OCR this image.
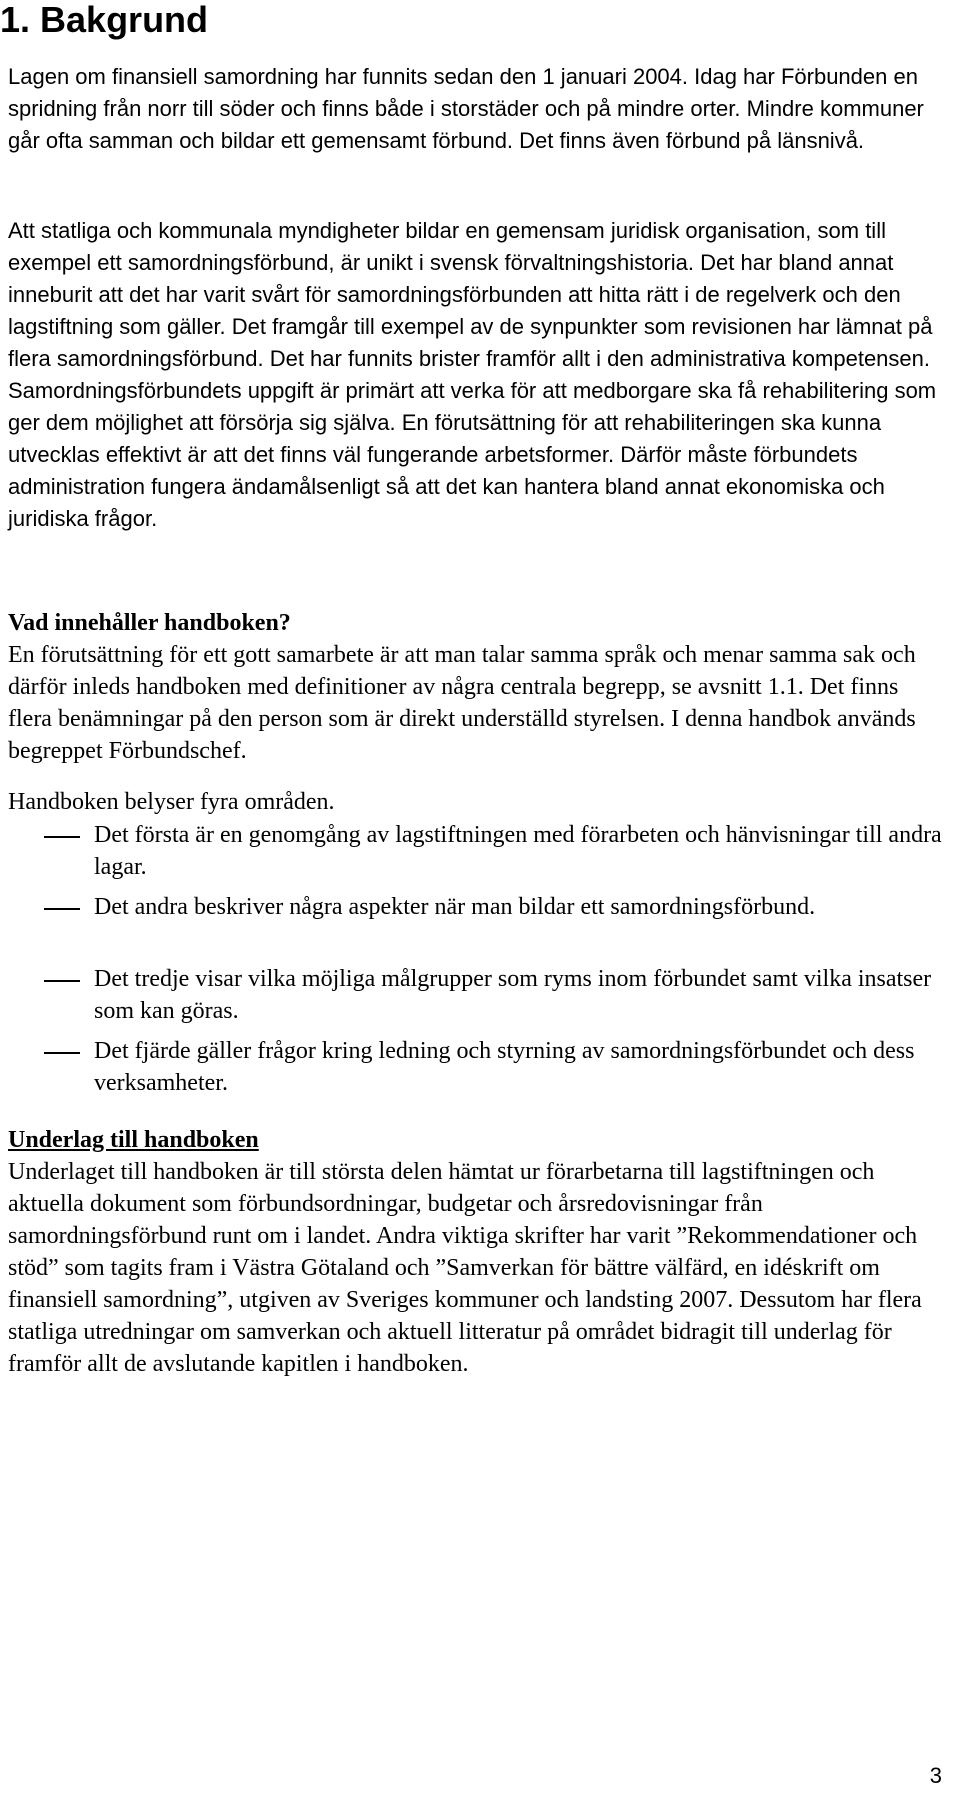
1. Bakgrund

Lagen om finansiell samordning har funnits sedan den 1 januari 2004. Idag har Förbunden en spridning från norr till söder och finns både i storstäder och på mindre orter. Mindre kommuner går ofta samman och bildar ett gemensamt förbund. Det finns även förbund på länsnivå.

Att statliga och kommunala myndigheter bildar en gemensam juridisk organisation, som till exempel ett samordningsförbund, är unikt i svensk förvaltningshistoria. Det har bland annat inneburit att det har varit svårt för samordningsförbunden att hitta rätt i de regelverk och den lagstiftning som gäller. Det framgår till exempel av de synpunkter som revisionen har lämnat på flera samordningsförbund. Det har funnits brister framför allt i den administrativa kompetensen. Samordningsförbundets uppgift är primärt att verka för att medborgare ska få rehabilitering som ger dem möjlighet att försörja sig själva. En förutsättning för att rehabiliteringen ska kunna utvecklas effektivt är att det finns väl fungerande arbetsformer. Därför måste förbundets administration fungera ändamålsenligt så att det kan hantera bland annat ekonomiska och juridiska frågor.

Vad innehåller handboken?

En förutsättning för ett gott samarbete är att man talar samma språk och menar samma sak och därför inleds handboken med definitioner av några centrala begrepp, se avsnitt 1.1. Det finns flera benämningar på den person som är direkt underställd styrelsen. I denna handbok används begreppet Förbundschef.

Handboken belyser fyra områden.

Det första är en genomgång av lagstiftningen med förarbeten och hänvisningar till andra lagar.
Det andra beskriver några aspekter när man bildar ett samordningsförbund.
Det tredje visar vilka möjliga målgrupper som ryms inom förbundet samt vilka insatser som kan göras.
Det fjärde gäller frågor kring ledning och styrning av samordningsförbundet och dess verksamheter.
Underlag till handboken

Underlaget till handboken är till största delen hämtat ur förarbetarna till lagstiftningen och aktuella dokument som förbundsordningar, budgetar och årsredovisningar från samordningsförbund runt om i landet. Andra viktiga skrifter har varit ”Rekommendationer och stöd” som tagits fram i Västra Götaland och ”Samverkan för bättre välfärd, en idéskrift om finansiell samordning”, utgiven av Sveriges kommuner och landsting 2007. Dessutom har flera statliga utredningar om samverkan och aktuell litteratur på området bidragit till underlag för framför allt de avslutande kapitlen i handboken.

3
